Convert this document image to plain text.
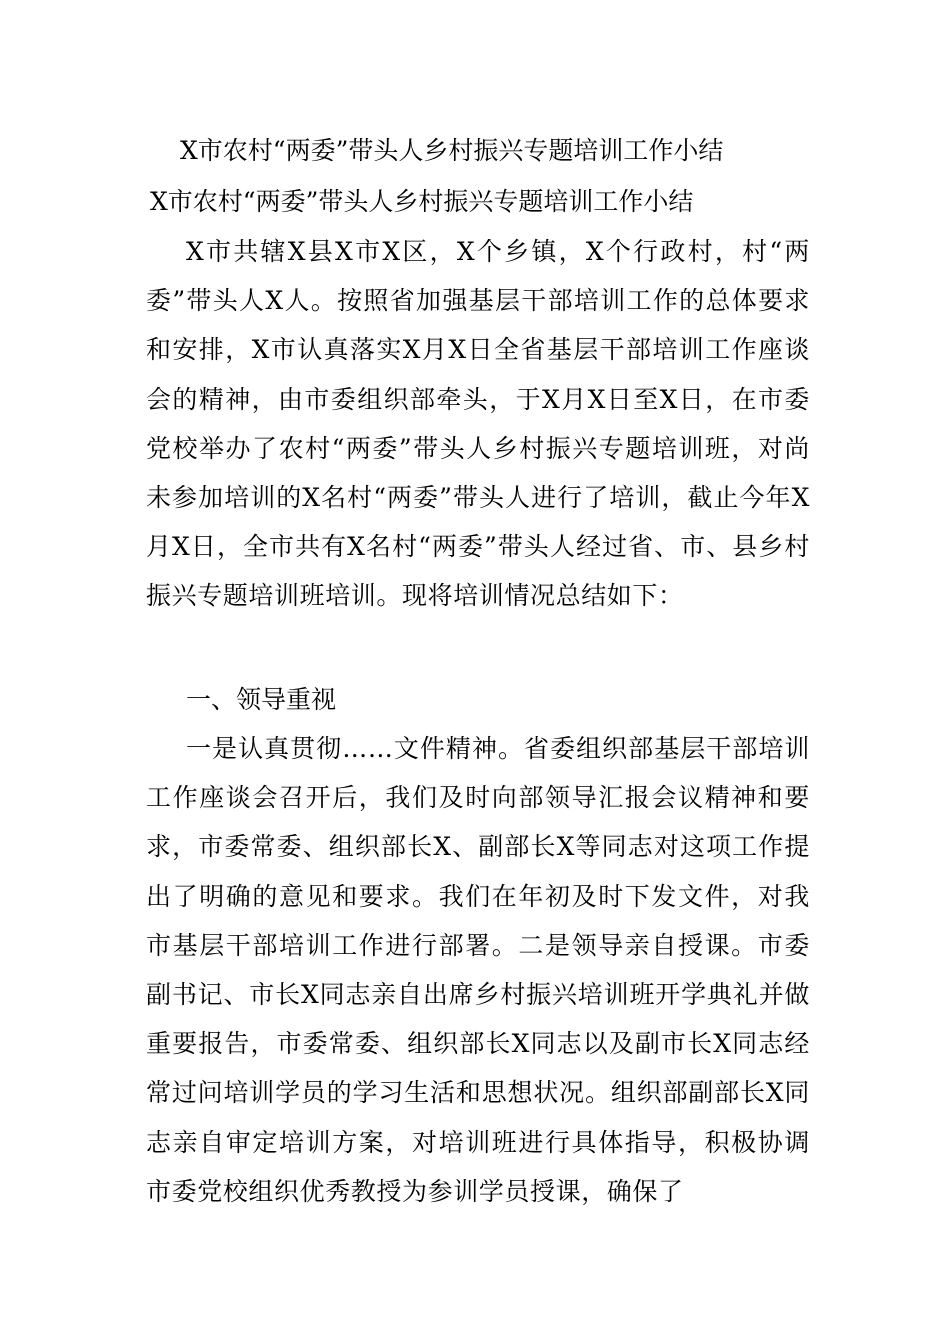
X市农村“两委”带头人乡村振兴专题培训工作小结
X市农村“两委”带头人乡村振兴专题培训工作小结
X市共辖X县X市X区，X个乡镇，X个行政村，村“两委”带头人X人。按照省加强基层干部培训工作的总体要求和安排，X市认真落实X月X日全省基层干部培训工作座谈会的精神，由市委组织部牵头，于X月X日至X日，在市委党校举办了农村“两委”带头人乡村振兴专题培训班，对尚未参加培训的X名村“两委”带头人进行了培训，截止今年X月X日，全市共有X名村“两委”带头人经过省、市、县乡村振兴专题培训班培训。现将培训情况总结如下：
一、领导重视
一是认真贯彻……文件精神。省委组织部基层干部培训工作座谈会召开后，我们及时向部领导汇报会议精神和要求，市委常委、组织部长X、副部长X等同志对这项工作提出了明确的意见和要求。我们在年初及时下发文件，对我市基层干部培训工作进行部署。二是领导亲自授课。市委副书记、市长X同志亲自出席乡村振兴培训班开学典礼并做重要报告，市委常委、组织部长X同志以及副市长X同志经常过问培训学员的学习生活和思想状况。组织部副部长X同志亲自审定培训方案，对培训班进行具体指导，积极协调市委党校组织优秀教授为参训学员授课，确保了
